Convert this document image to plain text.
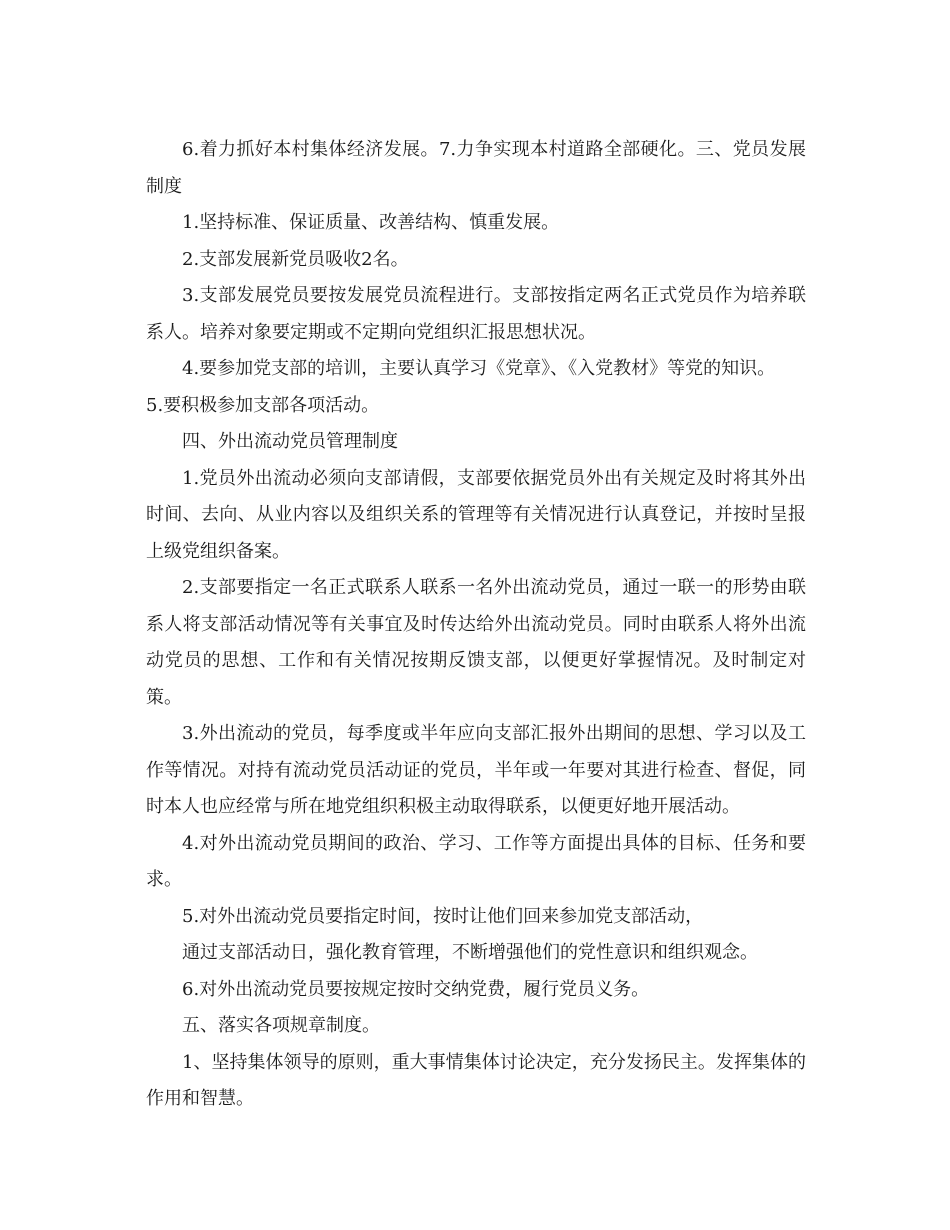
6.着力抓好本村集体经济发展。7.力争实现本村道路全部硬化。三、党员发展制度

1.坚持标准、保证质量、改善结构、慎重发展。

2.支部发展新党员吸收2名。

3.支部发展党员要按发展党员流程进行。支部按指定两名正式党员作为培养联系人。培养对象要定期或不定期向党组织汇报思想状况。

4.要参加党支部的培训，主要认真学习《党章》、《入党教材》等党的知识。

5.要积极参加支部各项活动。

四、外出流动党员管理制度

1.党员外出流动必须向支部请假，支部要依据党员外出有关规定及时将其外出时间、去向、从业内容以及组织关系的管理等有关情况进行认真登记，并按时呈报上级党组织备案。

2.支部要指定一名正式联系人联系一名外出流动党员，通过一联一的形势由联系人将支部活动情况等有关事宜及时传达给外出流动党员。同时由联系人将外出流动党员的思想、工作和有关情况按期反馈支部，以便更好掌握情况。及时制定对策。

3.外出流动的党员，每季度或半年应向支部汇报外出期间的思想、学习以及工作等情况。对持有流动党员活动证的党员，半年或一年要对其进行检查、督促，同时本人也应经常与所在地党组织积极主动取得联系，以便更好地开展活动。

4.对外出流动党员期间的政治、学习、工作等方面提出具体的目标、任务和要求。

5.对外出流动党员要指定时间，按时让他们回来参加党支部活动，

通过支部活动日，强化教育管理，不断增强他们的党性意识和组织观念。

6.对外出流动党员要按规定按时交纳党费，履行党员义务。

五、落实各项规章制度。

1、坚持集体领导的原则，重大事情集体讨论决定，充分发扬民主。发挥集体的作用和智慧。
